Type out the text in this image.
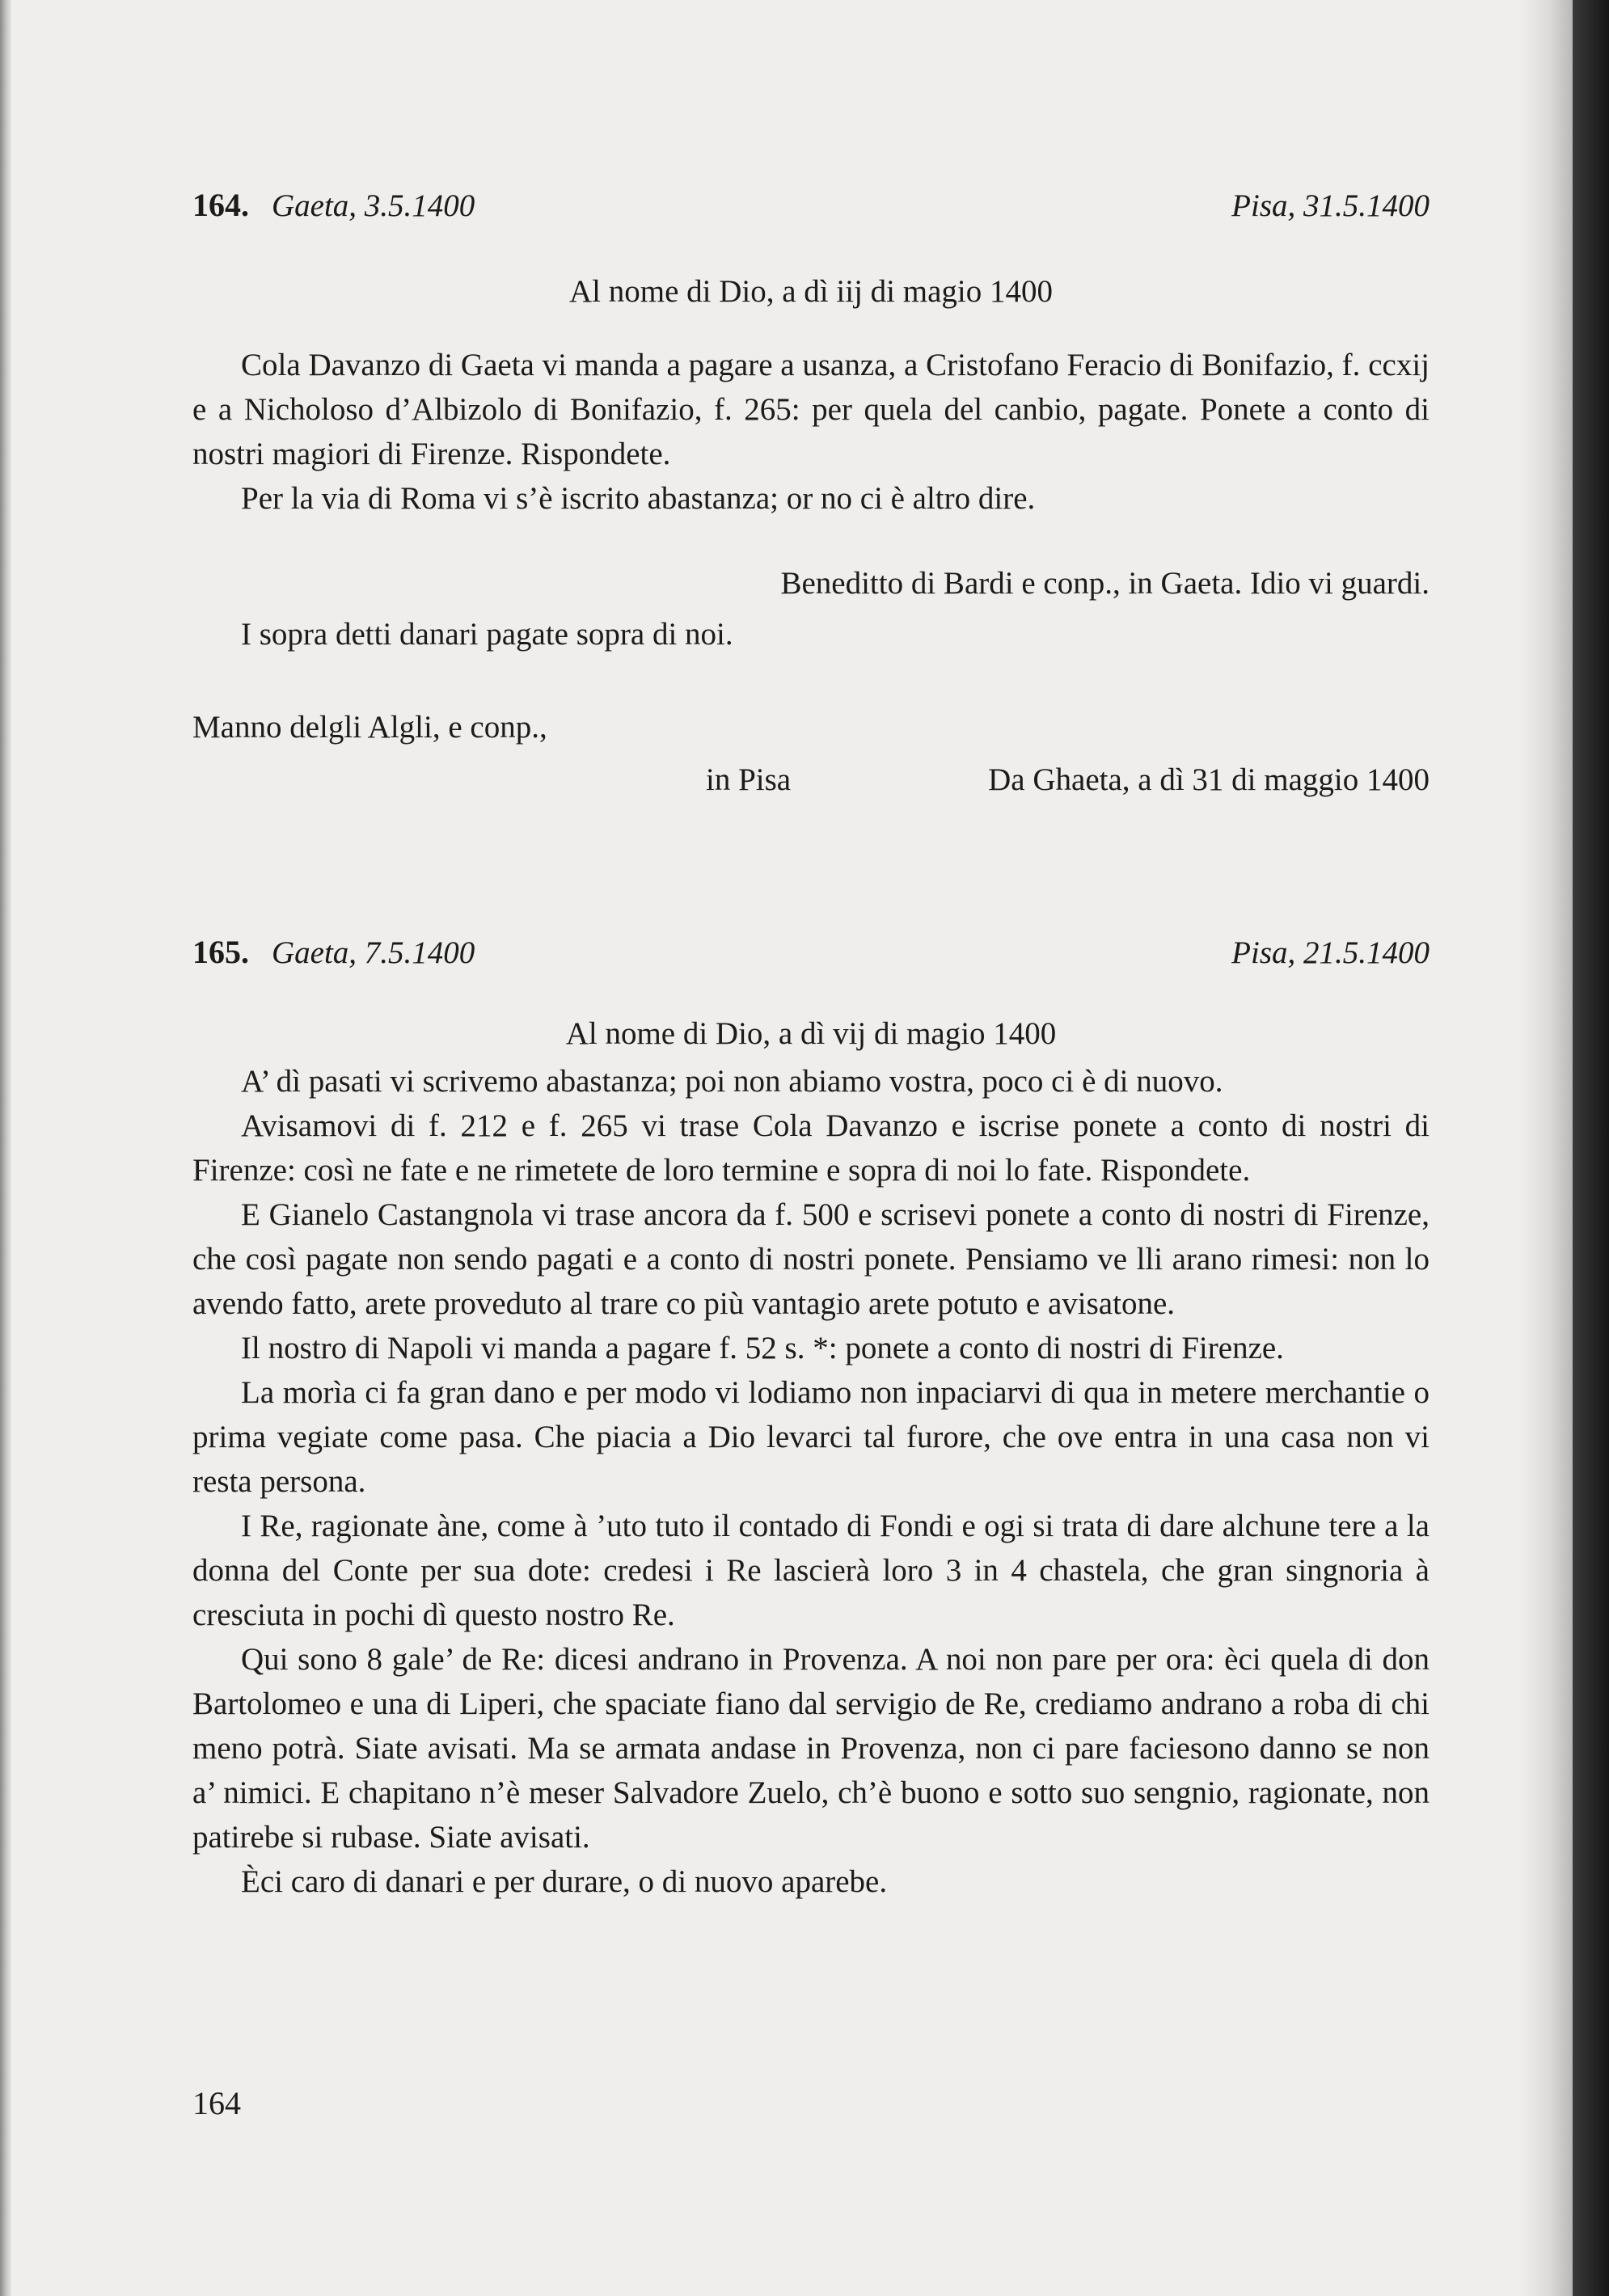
164. Gaeta, 3.5.1400	Pisa, 31.5.1400

Al nome di Dio, a dì iij di magio 1400

Cola Davanzo di Gaeta vi manda a pagare a usanza, a Cristofano Feracio di Bonifazio, f. ccxij e a Nicholoso d’Albizolo di Bonifazio, f. 265: per quela del canbio, pagate. Ponete a conto di nostri magiori di Firenze. Rispondete.

Per la via di Roma vi s’è iscrito abastanza; or no ci è altro dire.

Beneditto di Bardi e conp., in Gaeta. Idio vi guardi.

I sopra detti danari pagate sopra di noi.

Manno delgli Algli, e conp.,

in Pisa	Da Ghaeta, a dì 31 di maggio 1400
165. Gaeta, 7.5.1400	Pisa, 21.5.1400

Al nome di Dio, a dì vij di magio 1400

A’ dì pasati vi scrivemo abastanza; poi non abiamo vostra, poco ci è di nuovo.

Avisamovi di f. 212 e f. 265 vi trase Cola Davanzo e iscrise ponete a conto di nostri di Firenze: così ne fate e ne rimetete de loro termine e sopra di noi lo fate. Rispondete.

E Gianelo Castangnola vi trase ancora da f. 500 e scrisevi ponete a conto di nostri di Firenze, che così pagate non sendo pagati e a conto di nostri ponete. Pensiamo ve lli arano rimesi: non lo avendo fatto, arete proveduto al trare co più vantagio arete potuto e avisatone.

Il nostro di Napoli vi manda a pagare f. 52 s. *: ponete a conto di nostri di Firenze.

La morìa ci fa gran dano e per modo vi lodiamo non inpaciarvi di qua in metere merchantie o prima vegiate come pasa. Che piacia a Dio levarci tal furore, che ove entra in una casa non vi resta persona.

I Re, ragionate àne, come à ’uto tuto il contado di Fondi e ogi si trata di dare alchune tere a la donna del Conte per sua dote: credesi i Re lascierà loro 3 in 4 chastela, che gran singnoria à cresciuta in pochi dì questo nostro Re.

Qui sono 8 gale’ de Re: dicesi andrano in Provenza. A noi non pare per ora: èci quela di don Bartolomeo e una di Liperi, che spaciate fiano dal servigio de Re, crediamo andrano a roba di chi meno potrà. Siate avisati. Ma se armata andase in Provenza, non ci pare faciesono danno se non a’ nimici. E chapitano n’è meser Salvadore Zuelo, ch’è buono e sotto suo sengnio, ragionate, non patirebe si rubase. Siate avisati.

Èci caro di danari e per durare, o di nuovo aparebe.

164
